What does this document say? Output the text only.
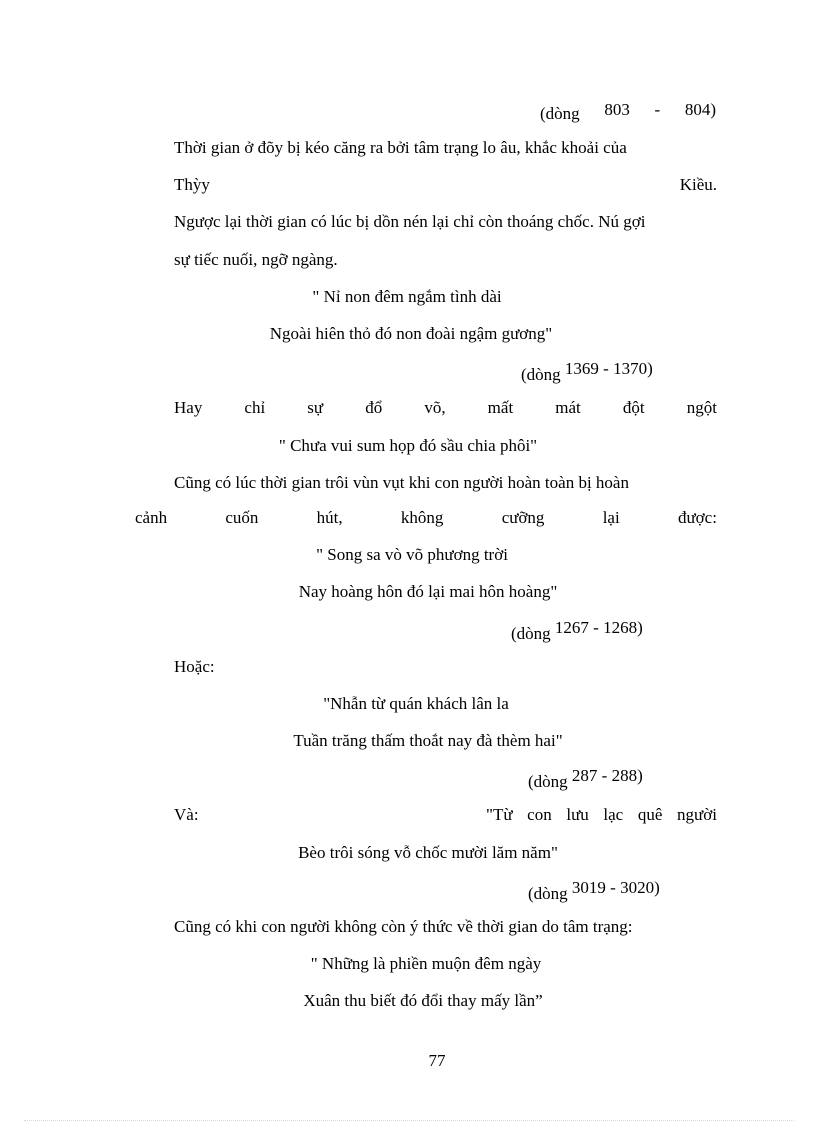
(dòng 803 - 804)
Thời gian ở đõy bị kéo căng ra bởi tâm trạng lo âu, khắc khoải của
Thỳy	Kiều.
Ngược lại thời gian có lúc bị dồn nén lại chỉ còn thoáng chốc. Nú gợi
sự tiếc nuối, ngỡ ngàng.
" Nỉ non đêm ngắm tình dài
Ngoài hiên thỏ đó non đoài ngậm gương"
(dòng 1369 - 1370)
Hay chỉ sự đổ võ, mất mát đột ngột
" Chưa vui sum họp đó sầu chia phôi"
Cũng có lúc thời gian trôi vùn vụt khi con người hoàn toàn bị hoàn
cảnh	cuốn	hút,	không	cưỡng	lại	được:
" Song sa vò võ phương trời
Nay hoàng hôn đó lại mai hôn hoàng"
(dòng 1267 - 1268)
Hoặc:
"Nhẫn từ quán khách lân la
Tuần trăng thấm thoắt nay đà thèm hai"
(dòng 287 - 288)
Và:	"Từ con lưu lạc quê người
Bèo trôi sóng vỗ chốc mười lăm năm"
(dòng 3019 - 3020)
Cũng có khi con người không còn ý thức về thời gian do tâm trạng:
" Những là phiền muộn đêm ngày
Xuân thu biết đó đổi thay mấy lần”
77
